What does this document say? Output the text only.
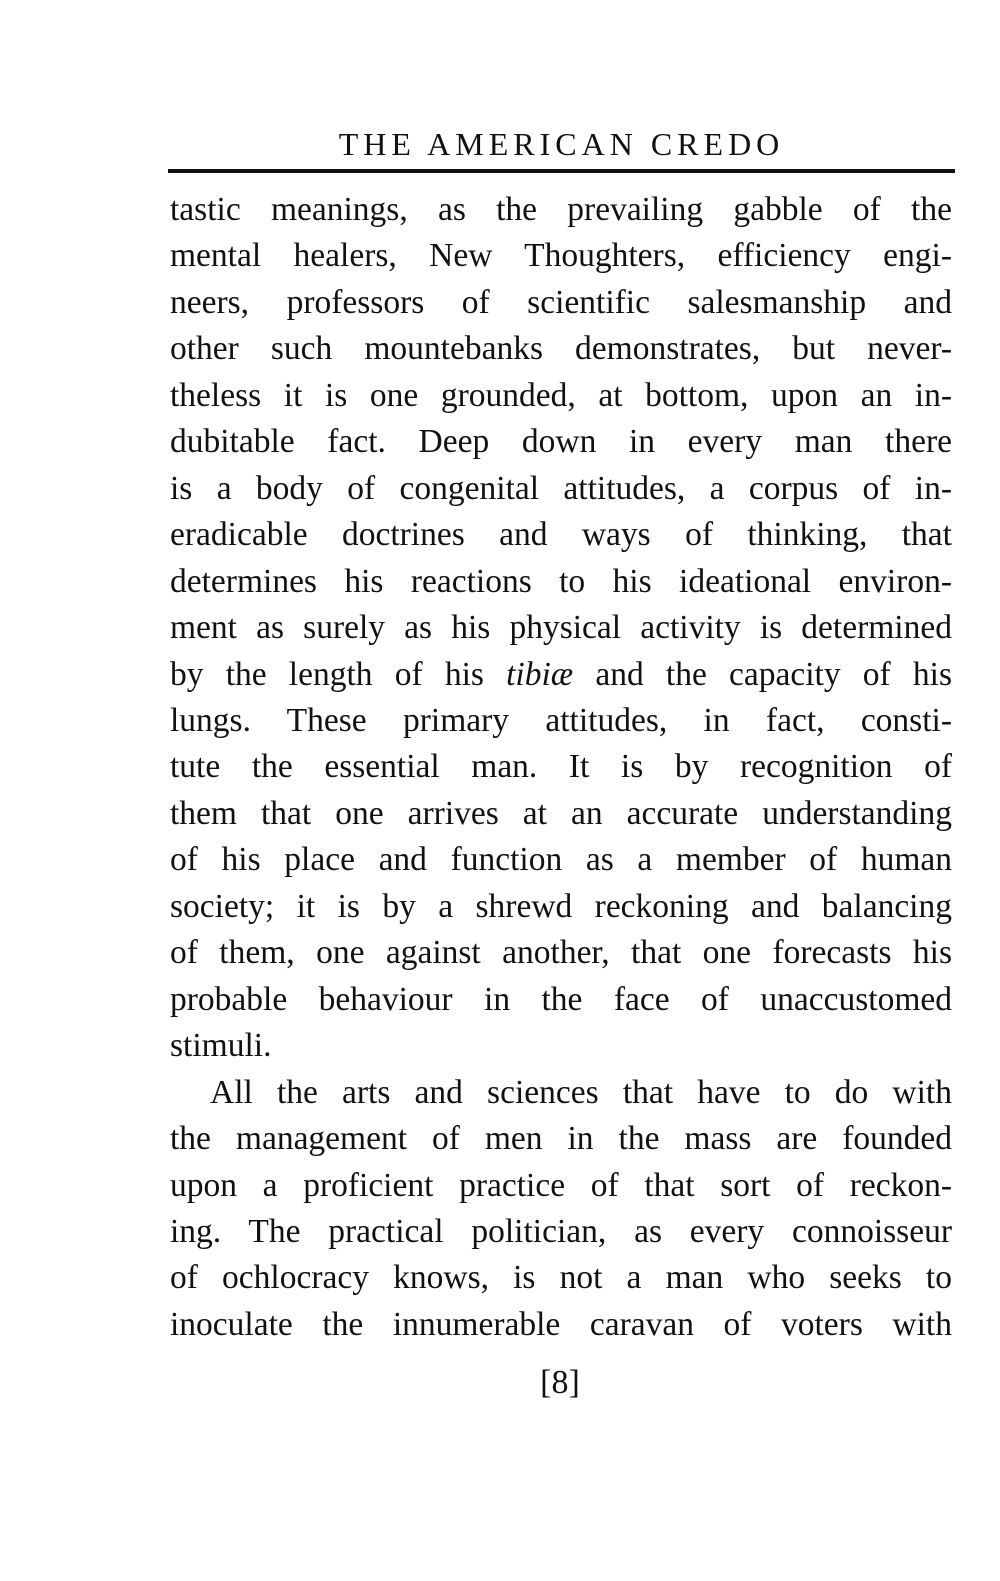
THE AMERICAN CREDO
tastic meanings, as the prevailing gabble of the
mental healers, New Thoughters, efficiency engi-
neers, professors of scientific salesmanship and
other such mountebanks demonstrates, but never-
theless it is one grounded, at bottom, upon an in-
dubitable fact. Deep down in every man there
is a body of congenital attitudes, a corpus of in-
eradicable doctrines and ways of thinking, that
determines his reactions to his ideational environ-
ment as surely as his physical activity is determined
by the length of his tibiæ and the capacity of his
lungs. These primary attitudes, in fact, consti-
tute the essential man. It is by recognition of
them that one arrives at an accurate understanding
of his place and function as a member of human
society; it is by a shrewd reckoning and balancing
of them, one against another, that one forecasts his
probable behaviour in the face of unaccustomed
stimuli.
All the arts and sciences that have to do with
the management of men in the mass are founded
upon a proficient practice of that sort of reckon-
ing. The practical politician, as every connoisseur
of ochlocracy knows, is not a man who seeks to
inoculate the innumerable caravan of voters with
[8]
